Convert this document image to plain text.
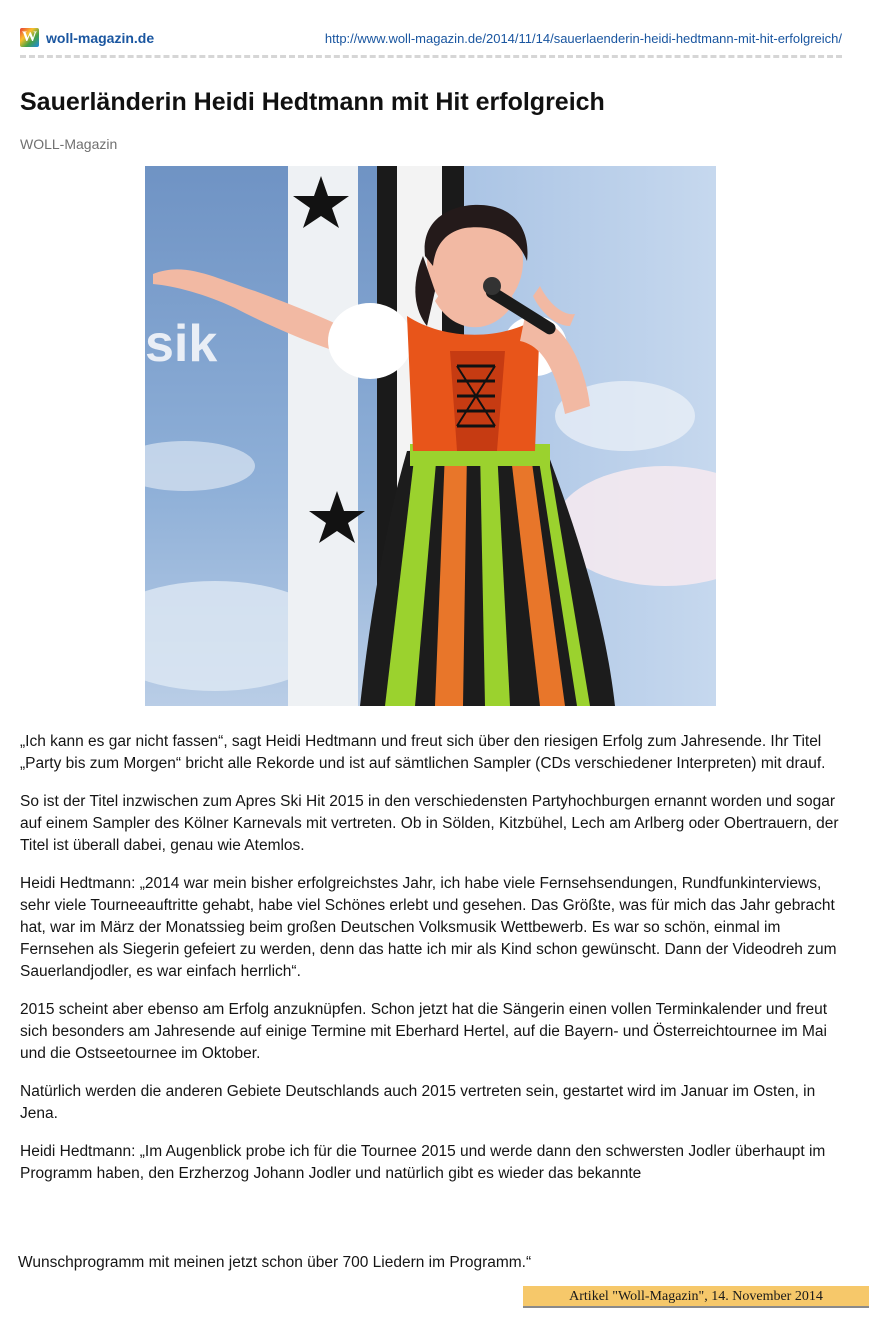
W woll-magazin.de	http://www.woll-magazin.de/2014/11/14/sauerlaenderin-heidi-hedtmann-mit-hit-erfolgreich/
Sauerländerin Heidi Hedtmann mit Hit erfolgreich
WOLL-Magazin
sik

„Ich kann es gar nicht fassen“, sagt Heidi Hedtmann und freut sich über den riesigen Erfolg zum Jahresende. Ihr Titel „Party bis zum Morgen“ bricht alle Rekorde und ist auf sämtlichen Sampler (CDs verschiedener Interpreten) mit drauf.

So ist der Titel inzwischen zum Apres Ski Hit 2015 in den verschiedensten Partyhochburgen ernannt worden und sogar auf einem Sampler des Kölner Karnevals mit vertreten. Ob in Sölden, Kitzbühel, Lech am Arlberg oder Obertrauern, der Titel ist überall dabei, genau wie Atemlos.

Heidi Hedtmann: „2014 war mein bisher erfolgreichstes Jahr, ich habe viele Fernsehsendungen, Rundfunkinterviews, sehr viele Tourneeauftritte gehabt, habe viel Schönes erlebt und gesehen. Das Größte, was für mich das Jahr gebracht hat, war im März der Monatssieg beim großen Deutschen Volksmusik Wettbewerb. Es war so schön, einmal im Fernsehen als Siegerin gefeiert zu werden, denn das hatte ich mir als Kind schon gewünscht. Dann der Videodreh zum Sauerlandjodler, es war einfach herrlich“.

2015 scheint aber ebenso am Erfolg anzuknüpfen. Schon jetzt hat die Sängerin einen vollen Terminkalender und freut sich besonders am Jahresende auf einige Termine mit Eberhard Hertel, auf die Bayern- und Österreichtournee im Mai und die Ostseetournee im Oktober.

Natürlich werden die anderen Gebiete Deutschlands auch 2015 vertreten sein, gestartet wird im Januar im Osten, in Jena.

Heidi Hedtmann: „Im Augenblick probe ich für die Tournee 2015 und werde dann den schwersten Jodler überhaupt im Programm haben, den Erzherzog Johann Jodler und natürlich gibt es wieder das bekannte

Wunschprogramm mit meinen jetzt schon über 700 Liedern im Programm.“
Artikel "Woll-Magazin", 14. November 2014
